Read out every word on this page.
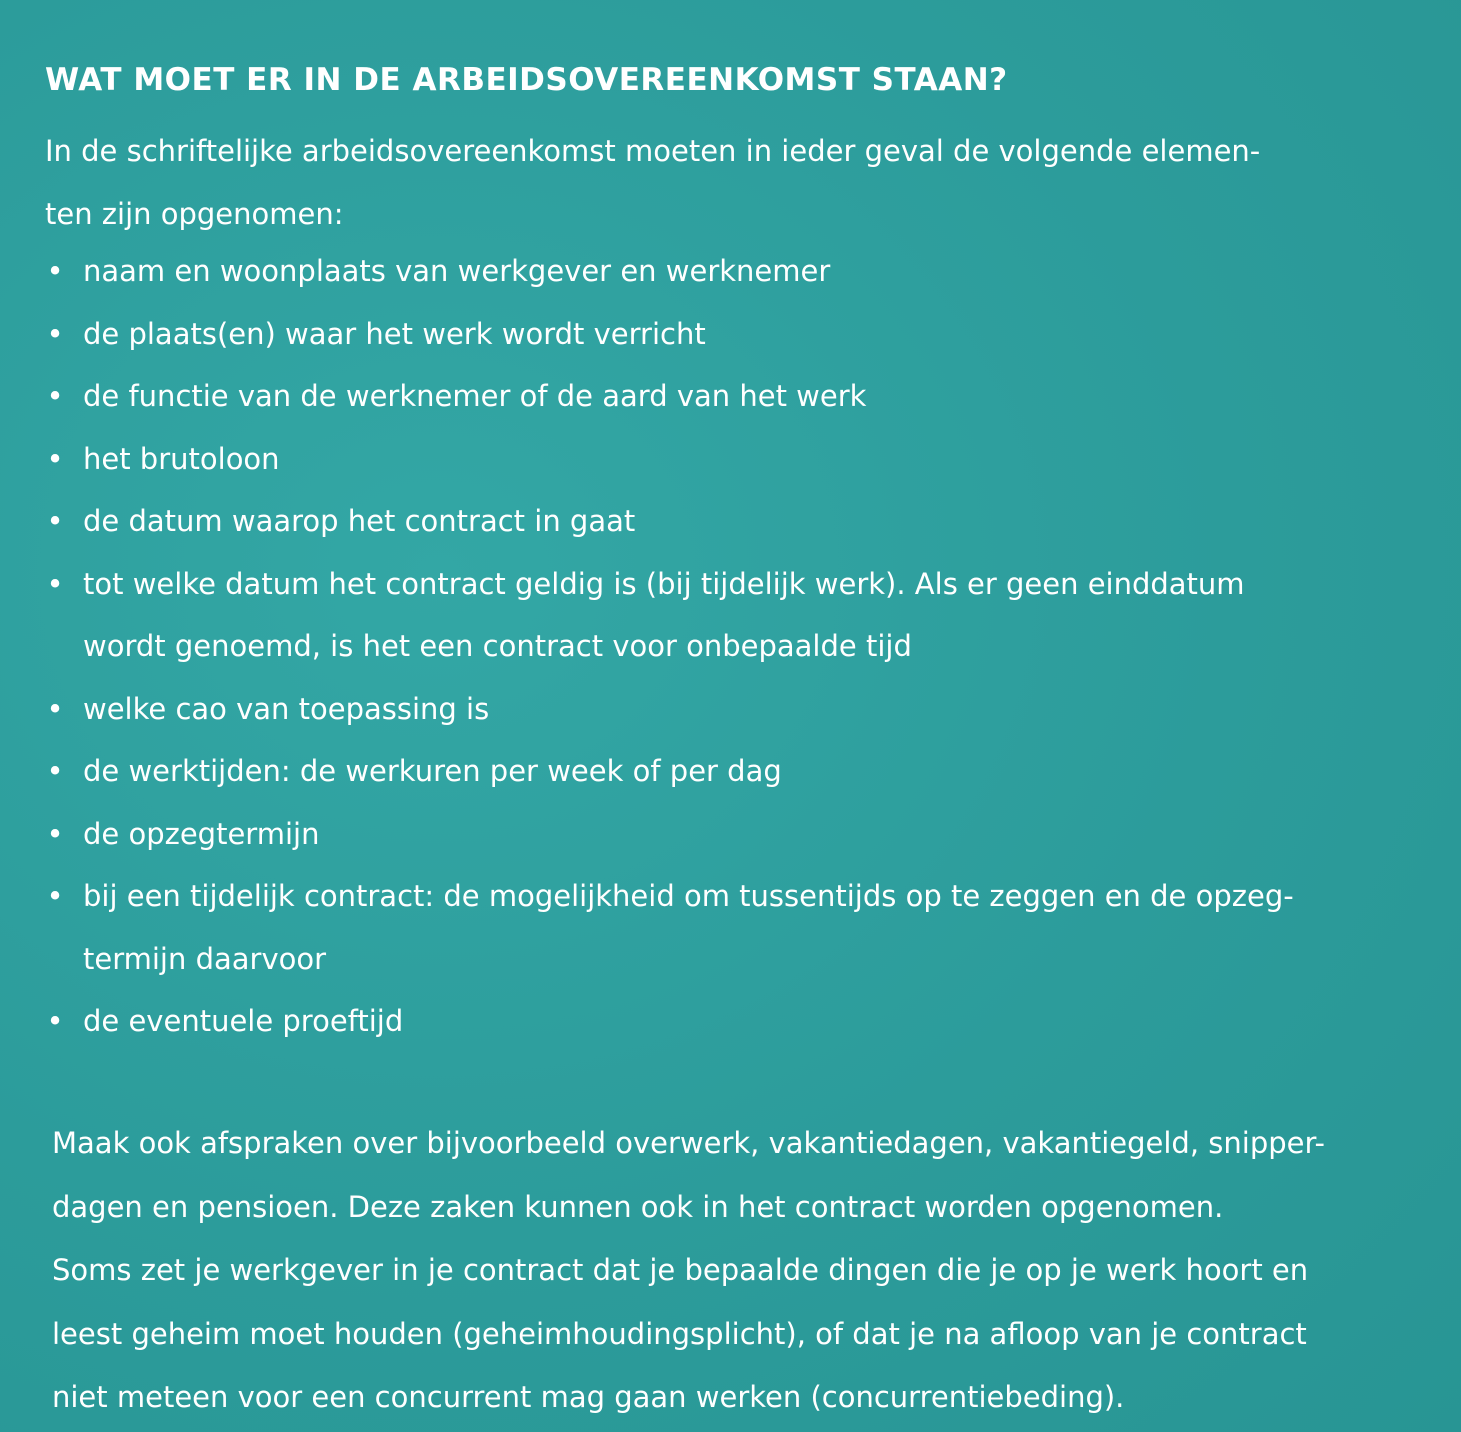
WAT MOET ER IN DE ARBEIDSOVEREENKOMST STAAN?

In de schriftelijke arbeidsovereenkomst moeten in ieder geval de volgende elemen-
ten zijn opgenomen:

• naam en woonplaats van werkgever en werknemer
• de plaats(en) waar het werk wordt verricht
• de functie van de werknemer of de aard van het werk
• het brutoloon
• de datum waarop het contract in gaat
• tot welke datum het contract geldig is (bij tijdelijk werk). Als er geen einddatum
wordt genoemd, is het een contract voor onbepaalde tijd
• welke cao van toepassing is
• de werktijden: de werkuren per week of per dag
• de opzegtermijn
• bij een tijdelijk contract: de mogelijkheid om tussentijds op te zeggen en de opzeg-
termijn daarvoor
• de eventuele proeftijd

Maak ook afspraken over bijvoorbeeld overwerk, vakantiedagen, vakantiegeld, snipper-
dagen en pensioen. Deze zaken kunnen ook in het contract worden opgenomen.
Soms zet je werkgever in je contract dat je bepaalde dingen die je op je werk hoort en
leest geheim moet houden (geheimhoudingsplicht), of dat je na afloop van je contract
niet meteen voor een concurrent mag gaan werken (concurrentiebeding).
